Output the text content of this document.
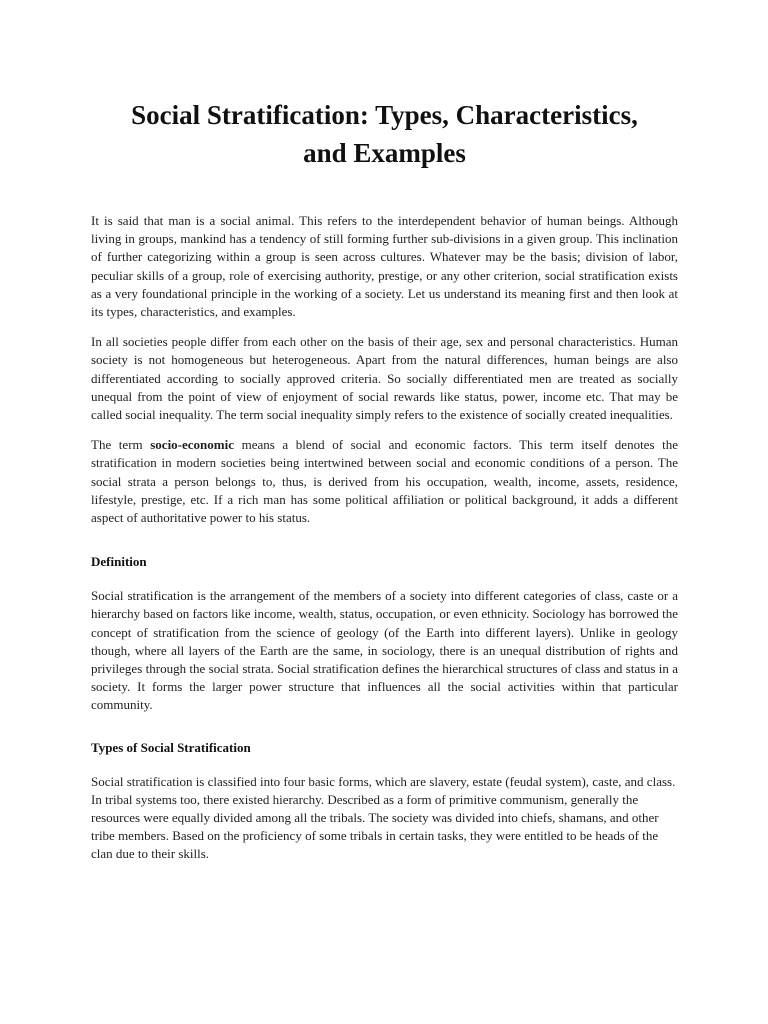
Social Stratification: Types, Characteristics,
and Examples

It is said that man is a social animal. This refers to the interdependent behavior of human beings. Although living in groups, mankind has a tendency of still forming further sub-divisions in a given group. This inclination of further categorizing within a group is seen across cultures. Whatever may be the basis; division of labor, peculiar skills of a group, role of exercising authority, prestige, or any other criterion, social stratification exists as a very foundational principle in the working of a society. Let us understand its meaning first and then look at its types, characteristics, and examples.

In all societies people differ from each other on the basis of their age, sex and personal characteristics. Human society is not homogeneous but heterogeneous. Apart from the natural differences, human beings are also differentiated according to socially approved criteria. So socially differentiated men are treated as socially unequal from the point of view of enjoyment of social rewards like status, power, income etc. That may be called social inequality. The term social inequality simply refers to the existence of socially created inequalities.

The term socio-economic means a blend of social and economic factors. This term itself denotes the stratification in modern societies being intertwined between social and economic conditions of a person. The social strata a person belongs to, thus, is derived from his occupation, wealth, income, assets, residence, lifestyle, prestige, etc. If a rich man has some political affiliation or political background, it adds a different aspect of authoritative power to his status.

Definition

Social stratification is the arrangement of the members of a society into different categories of class, caste or a hierarchy based on factors like income, wealth, status, occupation, or even ethnicity. Sociology has borrowed the concept of stratification from the science of geology (of the Earth into different layers). Unlike in geology though, where all layers of the Earth are the same, in sociology, there is an unequal distribution of rights and privileges through the social strata. Social stratification defines the hierarchical structures of class and status in a society. It forms the larger power structure that influences all the social activities within that particular community.

Types of Social Stratification

Social stratification is classified into four basic forms, which are slavery, estate (feudal system), caste, and class. In tribal systems too, there existed hierarchy. Described as a form of primitive communism, generally the resources were equally divided among all the tribals. The society was divided into chiefs, shamans, and other tribe members. Based on the proficiency of some tribals in certain tasks, they were entitled to be heads of the clan due to their skills.
